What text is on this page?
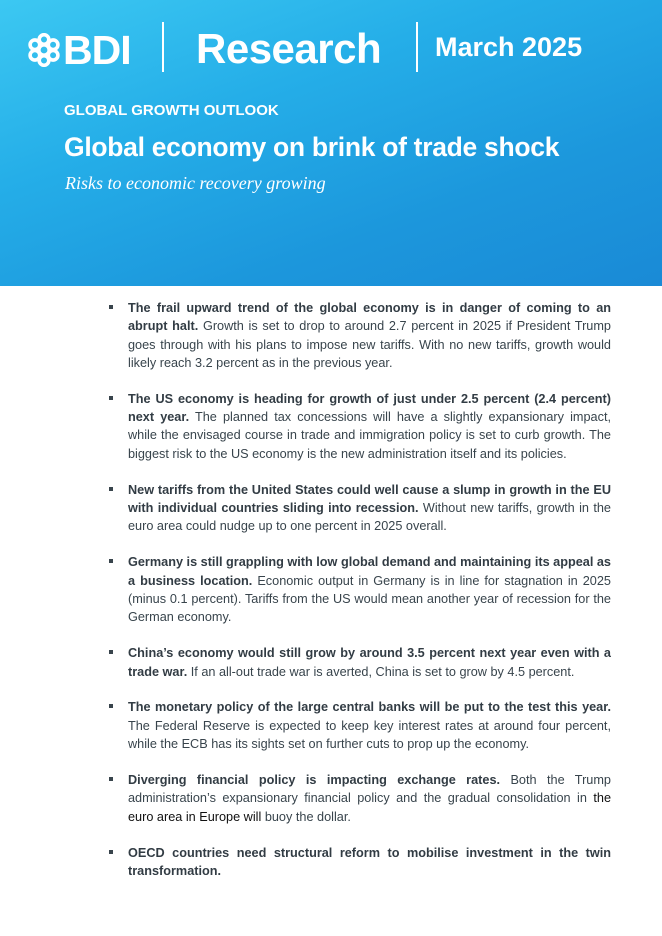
BDI Research March 2025
GLOBAL GROWTH OUTLOOK
Global economy on brink of trade shock
Risks to economic recovery growing
The frail upward trend of the global economy is in danger of coming to an abrupt halt. Growth is set to drop to around 2.7 percent in 2025 if President Trump goes through with his plans to impose new tariffs. With no new tariffs, growth would likely reach 3.2 percent as in the previous year.
The US economy is heading for growth of just under 2.5 percent (2.4 percent) next year. The planned tax concessions will have a slightly expansionary impact, while the envisaged course in trade and immigration policy is set to curb growth. The biggest risk to the US economy is the new administration itself and its policies.
New tariffs from the United States could well cause a slump in growth in the EU with individual countries sliding into recession. Without new tariffs, growth in the euro area could nudge up to one percent in 2025 overall.
Germany is still grappling with low global demand and maintaining its appeal as a business location. Economic output in Germany is in line for stagnation in 2025 (minus 0.1 percent). Tariffs from the US would mean another year of recession for the German economy.
China’s economy would still grow by around 3.5 percent next year even with a trade war. If an all-out trade war is averted, China is set to grow by 4.5 percent.
The monetary policy of the large central banks will be put to the test this year. The Federal Reserve is expected to keep key interest rates at around four percent, while the ECB has its sights set on further cuts to prop up the economy.
Diverging financial policy is impacting exchange rates. Both the Trump administration’s expansionary financial policy and the gradual consolidation in the euro area in Europe will buoy the dollar.
OECD countries need structural reform to mobilise investment in the twin transformation.
